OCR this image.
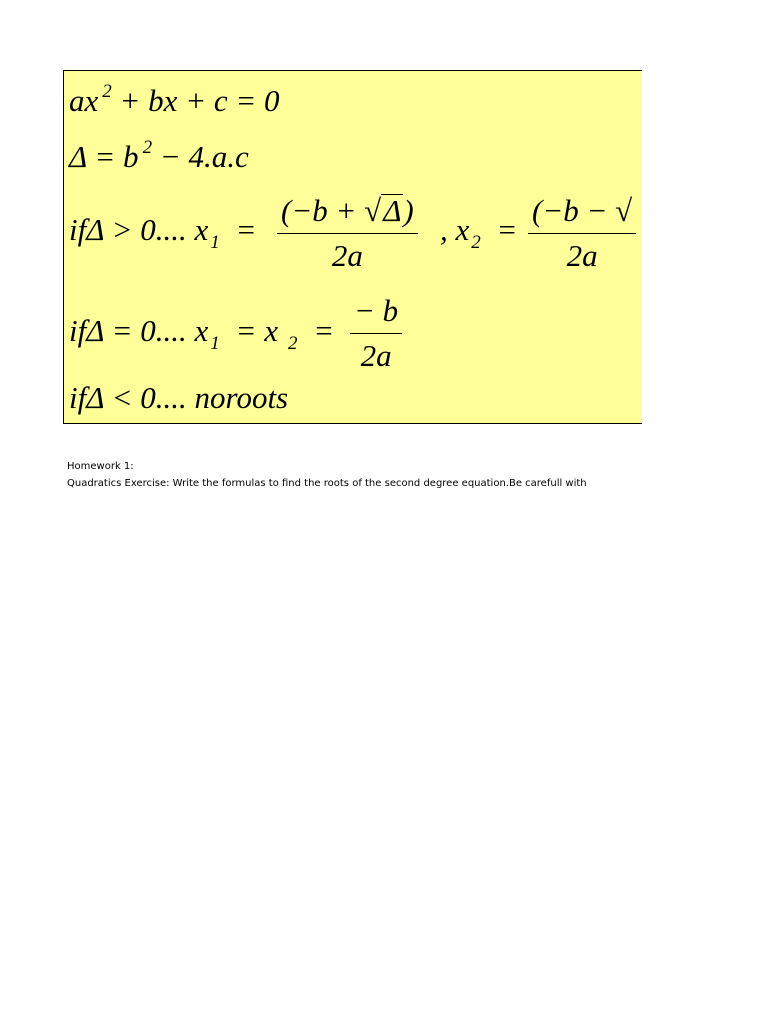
ax $^2$ + bx + c = 0
Δ = b $^2$ − 4.a.c
ifΔ > 0.... x $_1 = \frac{(-b + √\Delta)}{2a}$ , x $_2 = \frac{(-b - √}{2a}$
ifΔ = 0.... x $_1$ = x $_2 = \frac{- b}{2a}$
ifΔ < 0.... noroots
Homework 1:
Quadratics Exercise: Write the formulas to find the roots of the second degree equation.Be carefull with
